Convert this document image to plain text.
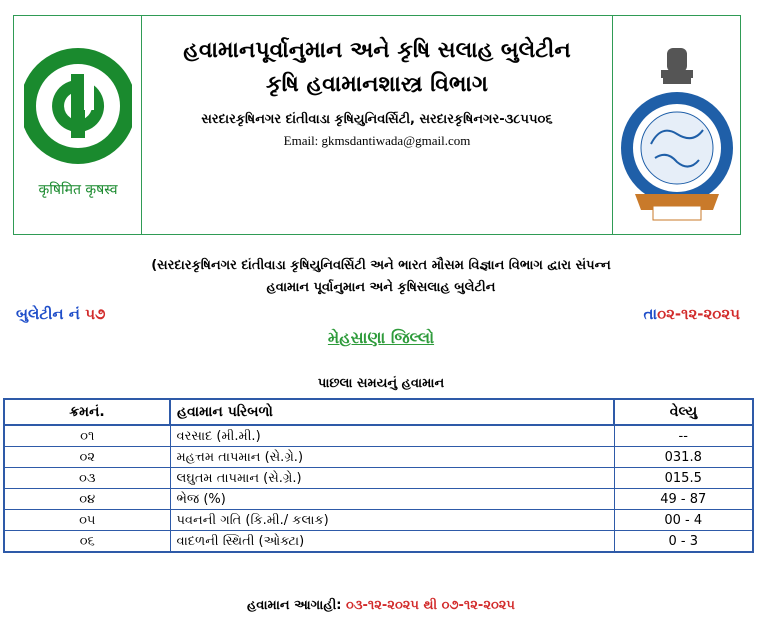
कृषिमित कृषस्व
હવામાનપૂર્વાનુમાન અને કૃષિ સલાહ બુલેટીન
કૃષિ હવામાનશાસ્ત્ર વિભાગ
સરદારકૃષિનગર દાંતીવાડા કૃષિયુનિવર્સિટી, સરદારકૃષિનગર-૩૮૫૫૦૬
Email: gkmsdantiwada@gmail.com
(સરદારકૃષિનગર દાંતીવાડા કૃષિયુનિવર્સિટી અને ભારત મૌસમ વિજ્ઞાન વિભાગ દ્વારા સંપન્ન
હવામાન પૂર્વાનુમાન અને કૃષિસલાહ બુલેટીન
બુલેટીન નં ૫૭	તા૦૨-૧૨-૨૦૨૫
મેહસાણા જિલ્લો
પાછલા સમયનું હવામાન
ક્રમનં.	હવામાન પરિબળો	વેલ્યુ
૦૧	વરસાદ (મી.મી.)	--
૦૨	મહત્તમ તાપમાન (સે.ગ્રે.)	031.8
૦૩	લઘુતમ તાપમાન (સે.ગ્રે.)	015.5
૦૪	ભેજ (%)	49 - 87
૦૫	પવનની ગતિ (કિ.મી./ કલાક)	00 - 4
૦૬	વાદળની સ્થિતી (ઓક્ટા)	0 - 3
હવામાન આગાહી: ૦૩-૧૨-૨૦૨૫ થી ૦૭-૧૨-૨૦૨૫
